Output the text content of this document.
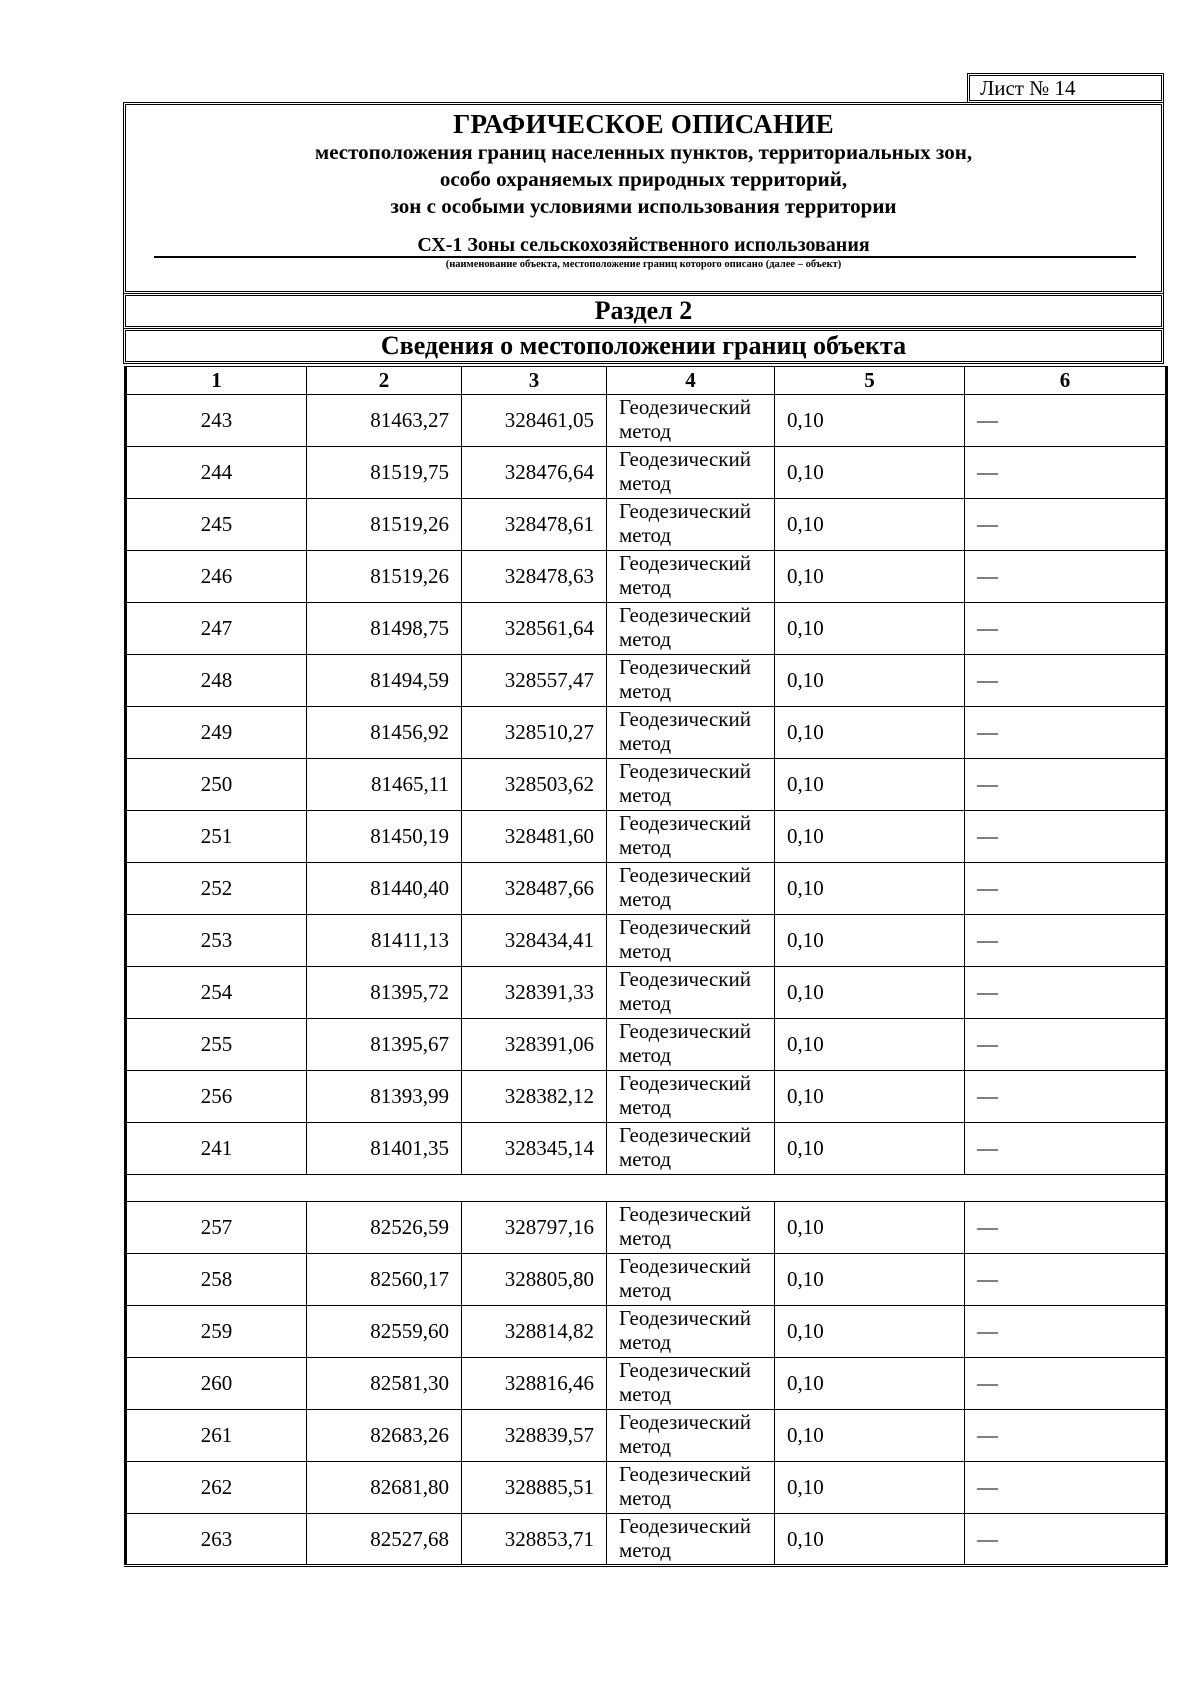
Лист № 14
ГРАФИЧЕСКОЕ ОПИСАНИЕ
местоположения границ населенных пунктов, территориальных зон,
особо охраняемых природных территорий,
зон с особыми условиями использования территории
СХ-1 Зоны сельскохозяйственного использования
(наименование объекта, местоположение границ которого описано (далее – объект)
Раздел 2
Сведения о местоположении границ объекта
1	2	3	4	5	6
243	81463,27	328461,05	Геодезический метод	0,10	—
244	81519,75	328476,64	Геодезический метод	0,10	—
245	81519,26	328478,61	Геодезический метод	0,10	—
246	81519,26	328478,63	Геодезический метод	0,10	—
247	81498,75	328561,64	Геодезический метод	0,10	—
248	81494,59	328557,47	Геодезический метод	0,10	—
249	81456,92	328510,27	Геодезический метод	0,10	—
250	81465,11	328503,62	Геодезический метод	0,10	—
251	81450,19	328481,60	Геодезический метод	0,10	—
252	81440,40	328487,66	Геодезический метод	0,10	—
253	81411,13	328434,41	Геодезический метод	0,10	—
254	81395,72	328391,33	Геодезический метод	0,10	—
255	81395,67	328391,06	Геодезический метод	0,10	—
256	81393,99	328382,12	Геодезический метод	0,10	—
241	81401,35	328345,14	Геодезический метод	0,10	—

257	82526,59	328797,16	Геодезический метод	0,10	—
258	82560,17	328805,80	Геодезический метод	0,10	—
259	82559,60	328814,82	Геодезический метод	0,10	—
260	82581,30	328816,46	Геодезический метод	0,10	—
261	82683,26	328839,57	Геодезический метод	0,10	—
262	82681,80	328885,51	Геодезический метод	0,10	—
263	82527,68	328853,71	Геодезический метод	0,10	—
